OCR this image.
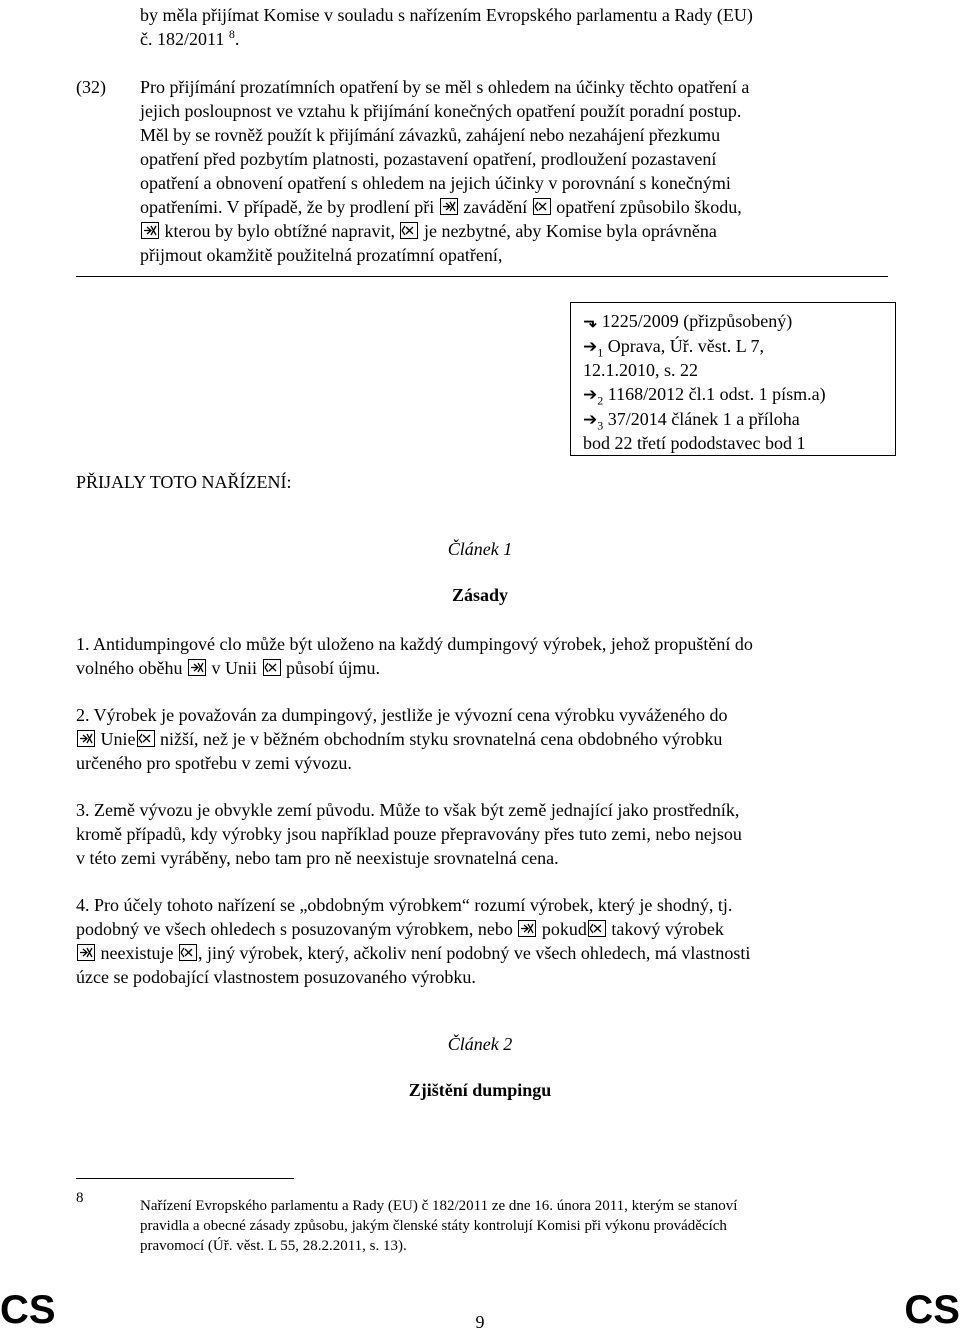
by měla přijímat Komise v souladu s nařízením Evropského parlamentu a Rady (EU)
č. 182/2011 $^8$.
(32) Pro přijímání prozatímních opatření by se měl s ohledem na účinky těchto opatření a
jejich posloupnost ve vztahu k přijímání konečných opatření použít poradní postup.
Měl by se rovněž použít k přijímání závazků, zahájení nebo nezahájení přezkumu
opatření před pozbytím platnosti, pozastavení opatření, prodloužení pozastavení
opatření a obnovení opatření s ohledem na jejich účinky v porovnání s konečnými
opatřeními. V případě, že by prodlení při zavádění opatření způsobilo škodu,
kterou by bylo obtížné napravit, je nezbytné, aby Komise byla oprávněna
přijmout okamžitě použitelná prozatímní opatření,
⬎ 1225/2009 (přizpůsobený)
$➔_1$ Oprava, Úř. věst. L 7,
12.1.2010, s. 22
$➔_2$ 1168/2012 čl.1 odst. 1 písm.a)
$➔_3$ 37/2014 článek 1 a příloha
bod 22 třetí pododstavec bod 1
PŘIJALY TOTO NAŘÍZENÍ:
Článek 1
Zásady
1. Antidumpingové clo může být uloženo na každý dumpingový výrobek, jehož propuštění do
volného oběhu v Unii působí újmu.
2. Výrobek je považován za dumpingový, jestliže je vývozní cena výrobku vyváženého do
Unie nižší, než je v běžném obchodním styku srovnatelná cena obdobného výrobku
určeného pro spotřebu v zemi vývozu.
3. Země vývozu je obvykle zemí původu. Může to však být země jednající jako prostředník,
kromě případů, kdy výrobky jsou například pouze přepravovány přes tuto zemi, nebo nejsou
v této zemi vyráběny, nebo tam pro ně neexistuje srovnatelná cena.
4. Pro účely tohoto nařízení se „obdobným výrobkem“ rozumí výrobek, který je shodný, tj.
podobný ve všech ohledech s posuzovaným výrobkem, nebo pokud takový výrobek
neexistuje , jiný výrobek, který, ačkoliv není podobný ve všech ohledech, má vlastnosti
úzce se podobající vlastnostem posuzovaného výrobku.
Článek 2
Zjištění dumpingu
8	Nařízení Evropského parlamentu a Rady (EU) č 182/2011 ze dne 16. února 2011, kterým se stanoví
pravidla a obecné zásady způsobu, jakým členské státy kontrolují Komisi při výkonu prováděcích
pravomocí (Úř. věst. L 55, 28.2.2011, s. 13).
CS	9	CS
